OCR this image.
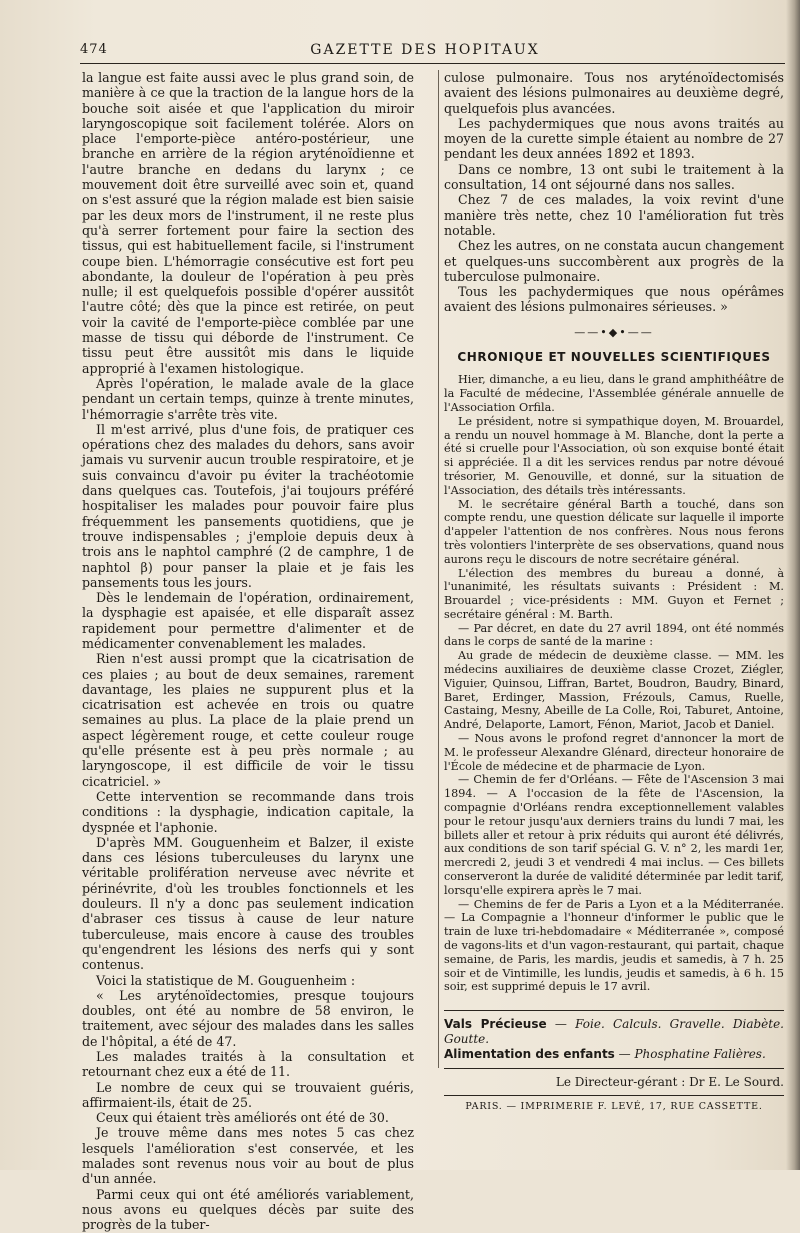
474	GAZETTE DES HOPITAUX

la langue est faite aussi avec le plus grand soin, de manière à ce que la traction de la langue hors de la bouche soit aisée et que l'application du miroir laryngoscopique soit facilement tolérée. Alors on place l'emporte-pièce antéro-postérieur, une branche en arrière de la région aryténoïdienne et l'autre branche en dedans du larynx ; ce mouvement doit être surveillé avec soin et, quand on s'est assuré que la région malade est bien saisie par les deux mors de l'instrument, il ne reste plus qu'à serrer fortement pour faire la section des tissus, qui est habituellement facile, si l'instrument coupe bien. L'hémorragie consécutive est fort peu abondante, la douleur de l'opération à peu près nulle; il est quelquefois possible d'opérer aussitôt l'autre côté; dès que la pince est retirée, on peut voir la cavité de l'emporte-pièce comblée par une masse de tissu qui déborde de l'instrument. Ce tissu peut être aussitôt mis dans le liquide approprié à l'examen histologique.

Après l'opération, le malade avale de la glace pendant un certain temps, quinze à trente minutes, l'hémorragie s'arrête très vite.

Il m'est arrivé, plus d'une fois, de pratiquer ces opérations chez des malades du dehors, sans avoir jamais vu survenir aucun trouble respiratoire, et je suis convaincu d'avoir pu éviter la trachéotomie dans quelques cas. Toutefois, j'ai toujours préféré hospitaliser les malades pour pouvoir faire plus fréquemment les pansements quotidiens, que je trouve indispensables ; j'emploie depuis deux à trois ans le naphtol camphré (2 de camphre, 1 de naphtol β) pour panser la plaie et je fais les pansements tous les jours.

Dès le lendemain de l'opération, ordinairement, la dysphagie est apaisée, et elle disparaît assez rapidement pour permettre d'alimenter et de médicamenter convenablement les malades.

Rien n'est aussi prompt que la cicatrisation de ces plaies ; au bout de deux semaines, rarement davantage, les plaies ne suppurent plus et la cicatrisation est achevée en trois ou quatre semaines au plus. La place de la plaie prend un aspect légèrement rouge, et cette couleur rouge qu'elle présente est à peu près normale ; au laryngoscope, il est difficile de voir le tissu cicatriciel. »

Cette intervention se recommande dans trois conditions : la dysphagie, indication capitale, la dyspnée et l'aphonie.

D'après MM. Gouguenheim et Balzer, il existe dans ces lésions tuberculeuses du larynx une véritable prolifération nerveuse avec névrite et périnévrite, d'où les troubles fonctionnels et les douleurs. Il n'y a donc pas seulement indication d'abraser ces tissus à cause de leur nature tuberculeuse, mais encore à cause des troubles qu'engendrent les lésions des nerfs qui y sont contenus.

Voici la statistique de M. Gouguenheim :

« Les aryténoïdectomies, presque toujours doubles, ont été au nombre de 58 environ, le traitement, avec séjour des malades dans les salles de l'hôpital, a été de 47.

Les malades traités à la consultation et retournant chez eux a été de 11.

Le nombre de ceux qui se trouvaient guéris, affirmaient-ils, était de 25.

Ceux qui étaient très améliorés ont été de 30.

Je trouve même dans mes notes 5 cas chez lesquels l'amélioration s'est conservée, et les malades sont revenus nous voir au bout de plus d'un année.

Parmi ceux qui ont été améliorés variablement, nous avons eu quelques décès par suite des progrès de la tuber-

culose pulmonaire. Tous nos aryténoïdectomisés avaient des lésions pulmonaires au deuxième degré, quelquefois plus avancées.

Les pachydermiques que nous avons traités au moyen de la curette simple étaient au nombre de 27 pendant les deux années 1892 et 1893.

Dans ce nombre, 13 ont subi le traitement à la consultation, 14 ont séjourné dans nos salles.

Chez 7 de ces malades, la voix revint d'une manière très nette, chez 10 l'amélioration fut très notable.

Chez les autres, on ne constata aucun changement et quelques-uns succombèrent aux progrès de la tuberculose pulmonaire.

Tous les pachydermiques que nous opérâmes avaient des lésions pulmonaires sérieuses. »

——•◆•——
CHRONIQUE ET NOUVELLES SCIENTIFIQUES

Hier, dimanche, a eu lieu, dans le grand amphithéâtre de la Faculté de médecine, l'Assemblée générale annuelle de l'Association Orfila.

Le président, notre si sympathique doyen, M. Brouardel, a rendu un nouvel hommage à M. Blanche, dont la perte a été si cruelle pour l'Association, où son exquise bonté était si appréciée. Il a dit les services rendus par notre dévoué trésorier, M. Genouville, et donné, sur la situation de l'Association, des détails très intéressants.

M. le secrétaire général Barth a touché, dans son compte rendu, une question délicate sur laquelle il importe d'appeler l'attention de nos confrères. Nous nous ferons très volontiers l'interprète de ses observations, quand nous aurons reçu le discours de notre secrétaire général.

L'élection des membres du bureau a donné, à l'unanimité, les résultats suivants : Président : M. Brouardel ; vice-présidents : MM. Guyon et Fernet ; secrétaire général : M. Barth.

— Par décret, en date du 27 avril 1894, ont été nommés dans le corps de santé de la marine :

Au grade de médecin de deuxième classe. — MM. les médecins auxiliaires de deuxième classe Crozet, Ziégler, Viguier, Quinsou, Liffran, Bartet, Boudron, Baudry, Binard, Baret, Erdinger, Massion, Frézouls, Camus, Ruelle, Castaing, Mesny, Abeille de La Colle, Roi, Taburet, Antoine, André, Delaporte, Lamort, Fénon, Mariot, Jacob et Daniel.

— Nous avons le profond regret d'annoncer la mort de M. le professeur Alexandre Glénard, directeur honoraire de l'École de médecine et de pharmacie de Lyon.

— Chemin de fer d'Orléans. — Fête de l'Ascension 3 mai 1894. — A l'occasion de la fête de l'Ascension, la compagnie d'Orléans rendra exceptionnellement valables pour le retour jusqu'aux derniers trains du lundi 7 mai, les billets aller et retour à prix réduits qui auront été délivrés, aux conditions de son tarif spécial G. V. n° 2, les mardi 1er, mercredi 2, jeudi 3 et vendredi 4 mai inclus. — Ces billets conserveront la durée de validité déterminée par ledit tarif, lorsqu'elle expirera après le 7 mai.

— Chemins de fer de Paris a Lyon et a la Méditerranée. — La Compagnie a l'honneur d'informer le public que le train de luxe tri-hebdomadaire « Méditerranée », composé de vagons-lits et d'un vagon-restaurant, qui partait, chaque semaine, de Paris, les mardis, jeudis et samedis, à 7 h. 25 soir et de Vintimille, les lundis, jeudis et samedis, à 6 h. 15 soir, est supprimé depuis le 17 avril.

Vals Précieuse — Foie. Calculs. Gravelle. Diabète. Goutte.
Alimentation des enfants — Phosphatine Falières.
Le Directeur-gérant : Dr E. Le Sourd.
PARIS. — IMPRIMERIE F. LEVÉ, 17, RUE CASSETTE.
